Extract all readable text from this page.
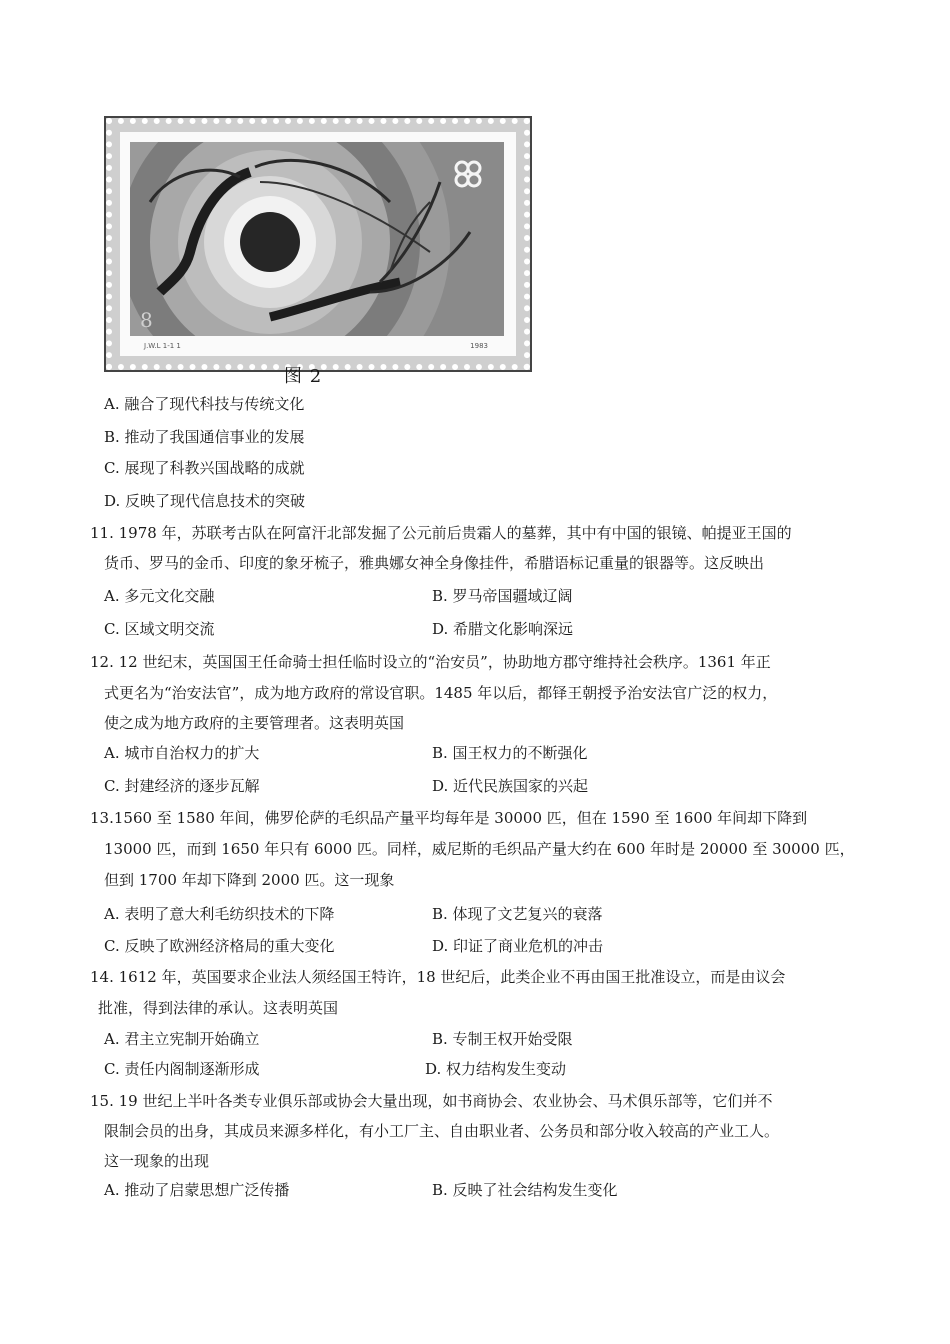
8
J.W.L 1-1 1	1983
图 2
A. 融合了现代科技与传统文化
B. 推动了我国通信事业的发展
C. 展现了科教兴国战略的成就
D. 反映了现代信息技术的突破
11. 1978 年，苏联考古队在阿富汗北部发掘了公元前后贵霜人的墓葬，其中有中国的银镜、帕提亚王国的
货币、罗马的金币、印度的象牙梳子，雅典娜女神全身像挂件，希腊语标记重量的银器等。这反映出
A. 多元文化交融	B. 罗马帝国疆域辽阔
C. 区域文明交流	D. 希腊文化影响深远
12. 12 世纪末，英国国王任命骑士担任临时设立的“治安员”，协助地方郡守维持社会秩序。1361 年正
式更名为“治安法官”，成为地方政府的常设官职。1485 年以后，都铎王朝授予治安法官广泛的权力，
使之成为地方政府的主要管理者。这表明英国
A. 城市自治权力的扩大	B. 国王权力的不断强化
C. 封建经济的逐步瓦解	D. 近代民族国家的兴起
13.1560 至 1580 年间，佛罗伦萨的毛织品产量平均每年是 30000 匹，但在 1590 至 1600 年间却下降到
13000 匹，而到 1650 年只有 6000 匹。同样，威尼斯的毛织品产量大约在 600 年时是 20000 至 30000 匹，
但到 1700 年却下降到 2000 匹。这一现象
A. 表明了意大利毛纺织技术的下降	B. 体现了文艺复兴的衰落
C. 反映了欧洲经济格局的重大变化	D. 印证了商业危机的冲击
14. 1612 年，英国要求企业法人须经国王特许，18 世纪后，此类企业不再由国王批准设立，而是由议会
批准，得到法律的承认。这表明英国
A. 君主立宪制开始确立	B. 专制王权开始受限
C. 责任内阁制逐渐形成	D. 权力结构发生变动
15. 19 世纪上半叶各类专业俱乐部或协会大量出现，如书商协会、农业协会、马术俱乐部等，它们并不
限制会员的出身，其成员来源多样化，有小工厂主、自由职业者、公务员和部分收入较高的产业工人。
这一现象的出现
A. 推动了启蒙思想广泛传播	B. 反映了社会结构发生变化
